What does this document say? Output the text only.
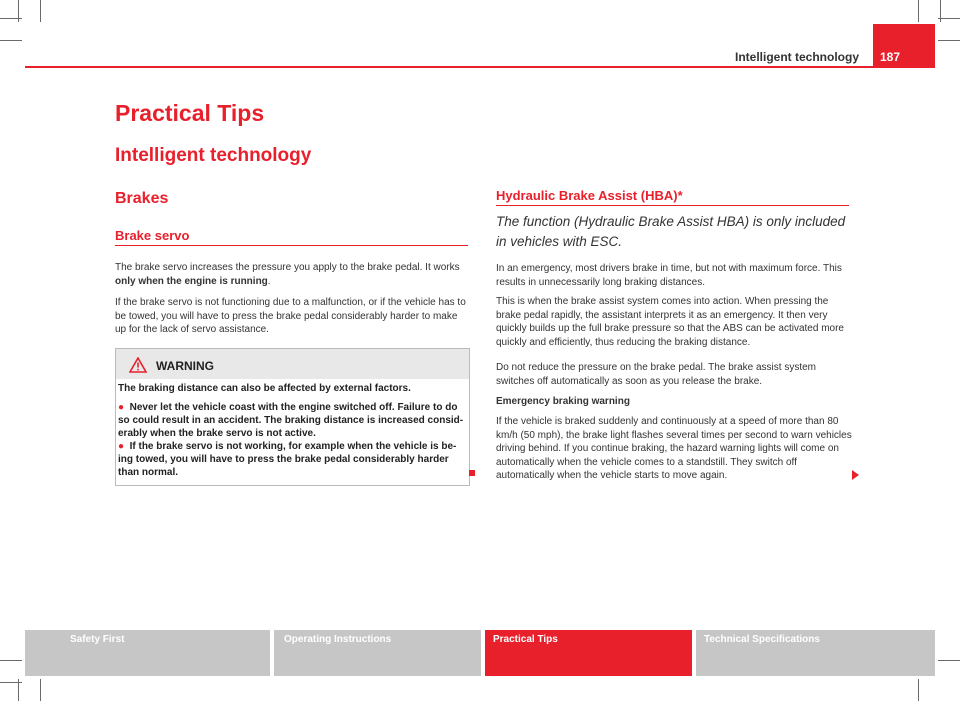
Intelligent technology 187
Practical Tips
Intelligent technology
Brakes
Brake servo
The brake servo increases the pressure you apply to the brake pedal. It works only when the engine is running.
If the brake servo is not functioning due to a malfunction, or if the vehicle has to be towed, you will have to press the brake pedal considerably harder to make up for the lack of servo assistance.
WARNING
The braking distance can also be affected by external factors.
● Never let the vehicle coast with the engine switched off. Failure to do so could result in an accident. The braking distance is increased consid-erably when the brake servo is not active.
● If the brake servo is not working, for example when the vehicle is be-ing towed, you will have to press the brake pedal considerably harder than normal.
Hydraulic Brake Assist (HBA)*
The function (Hydraulic Brake Assist HBA) is only included in vehicles with ESC.
In an emergency, most drivers brake in time, but not with maximum force. This results in unnecessarily long braking distances.
This is when the brake assist system comes into action. When pressing the brake pedal rapidly, the assistant interprets it as an emergency. It then very quickly builds up the full brake pressure so that the ABS can be activated more quickly and efficiently, thus reducing the braking distance.
Do not reduce the pressure on the brake pedal. The brake assist system switches off automatically as soon as you release the brake.
Emergency braking warning
If the vehicle is braked suddenly and continuously at a speed of more than 80 km/h (50 mph), the brake light flashes several times per second to warn vehicles driving behind. If you continue braking, the hazard warning lights will come on automatically when the vehicle comes to a standstill. They switch off automatically when the vehicle starts to move again.
Safety First	Operating Instructions	Practical Tips	Technical Specifications
